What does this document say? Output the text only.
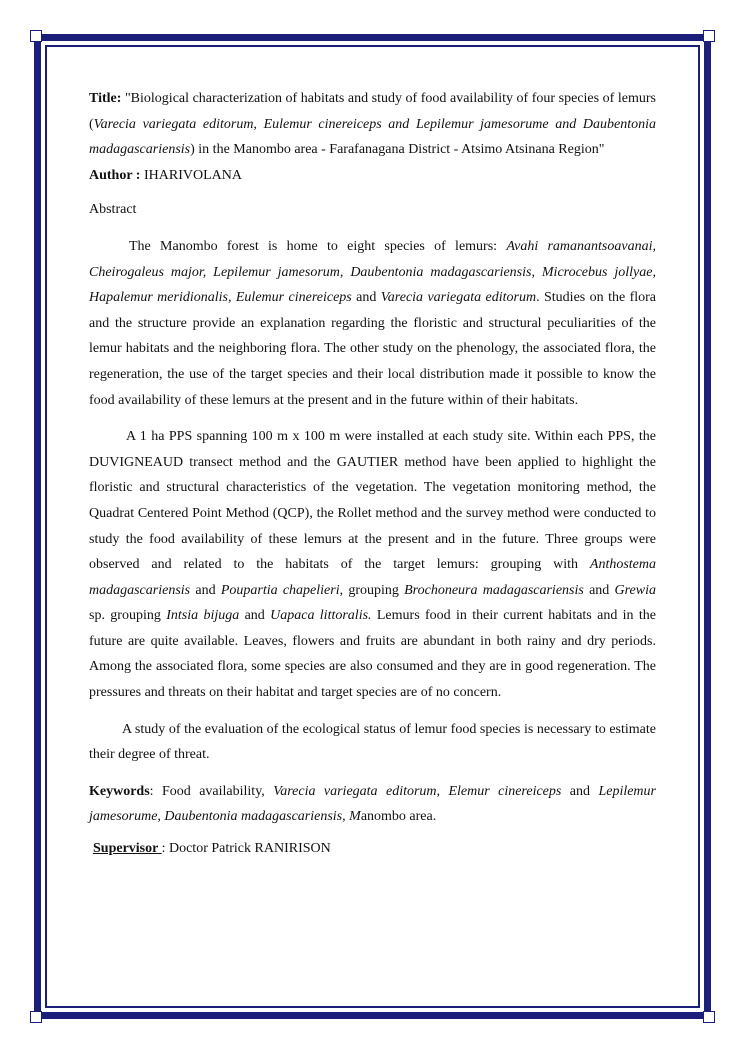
Title: "Biological characterization of habitats and study of food availability of four species of lemurs (Varecia variegata editorum, Eulemur cinereiceps and Lepilemur jamesorume and Daubentonia madagascariensis) in the Manombo area - Farafanagana District - Atsimo Atsinana Region"

Author : IHARIVOLANA

Abstract

The Manombo forest is home to eight species of lemurs: Avahi ramanantsoavanai, Cheirogaleus major, Lepilemur jamesorum, Daubentonia madagascariensis, Microcebus jollyae, Hapalemur meridionalis, Eulemur cinereiceps and Varecia variegata editorum. Studies on the flora and the structure provide an explanation regarding the floristic and structural peculiarities of the lemur habitats and the neighboring flora. The other study on the phenology, the associated flora, the regeneration, the use of the target species and their local distribution made it possible to know the food availability of these lemurs at the present and in the future within of their habitats.

A 1 ha PPS spanning 100 m x 100 m were installed at each study site. Within each PPS, the DUVIGNEAUD transect method and the GAUTIER method have been applied to highlight the floristic and structural characteristics of the vegetation. The vegetation monitoring method, the Quadrat Centered Point Method (QCP), the Rollet method and the survey method were conducted to study the food availability of these lemurs at the present and in the future. Three groups were observed and related to the habitats of the target lemurs: grouping with Anthostema madagascariensis and Poupartia chapelieri, grouping Brochoneura madagascariensis and Grewia sp. grouping Intsia bijuga and Uapaca littoralis. Lemurs food in their current habitats and in the future are quite available. Leaves, flowers and fruits are abundant in both rainy and dry periods. Among the associated flora, some species are also consumed and they are in good regeneration. The pressures and threats on their habitat and target species are of no concern.

A study of the evaluation of the ecological status of lemur food species is necessary to estimate their degree of threat.

Keywords: Food availability, Varecia variegata editorum, Elemur cinereiceps and Lepilemur jamesorume, Daubentonia madagascariensis, Manombo area.

Supervisor : Doctor Patrick RANIRISON
